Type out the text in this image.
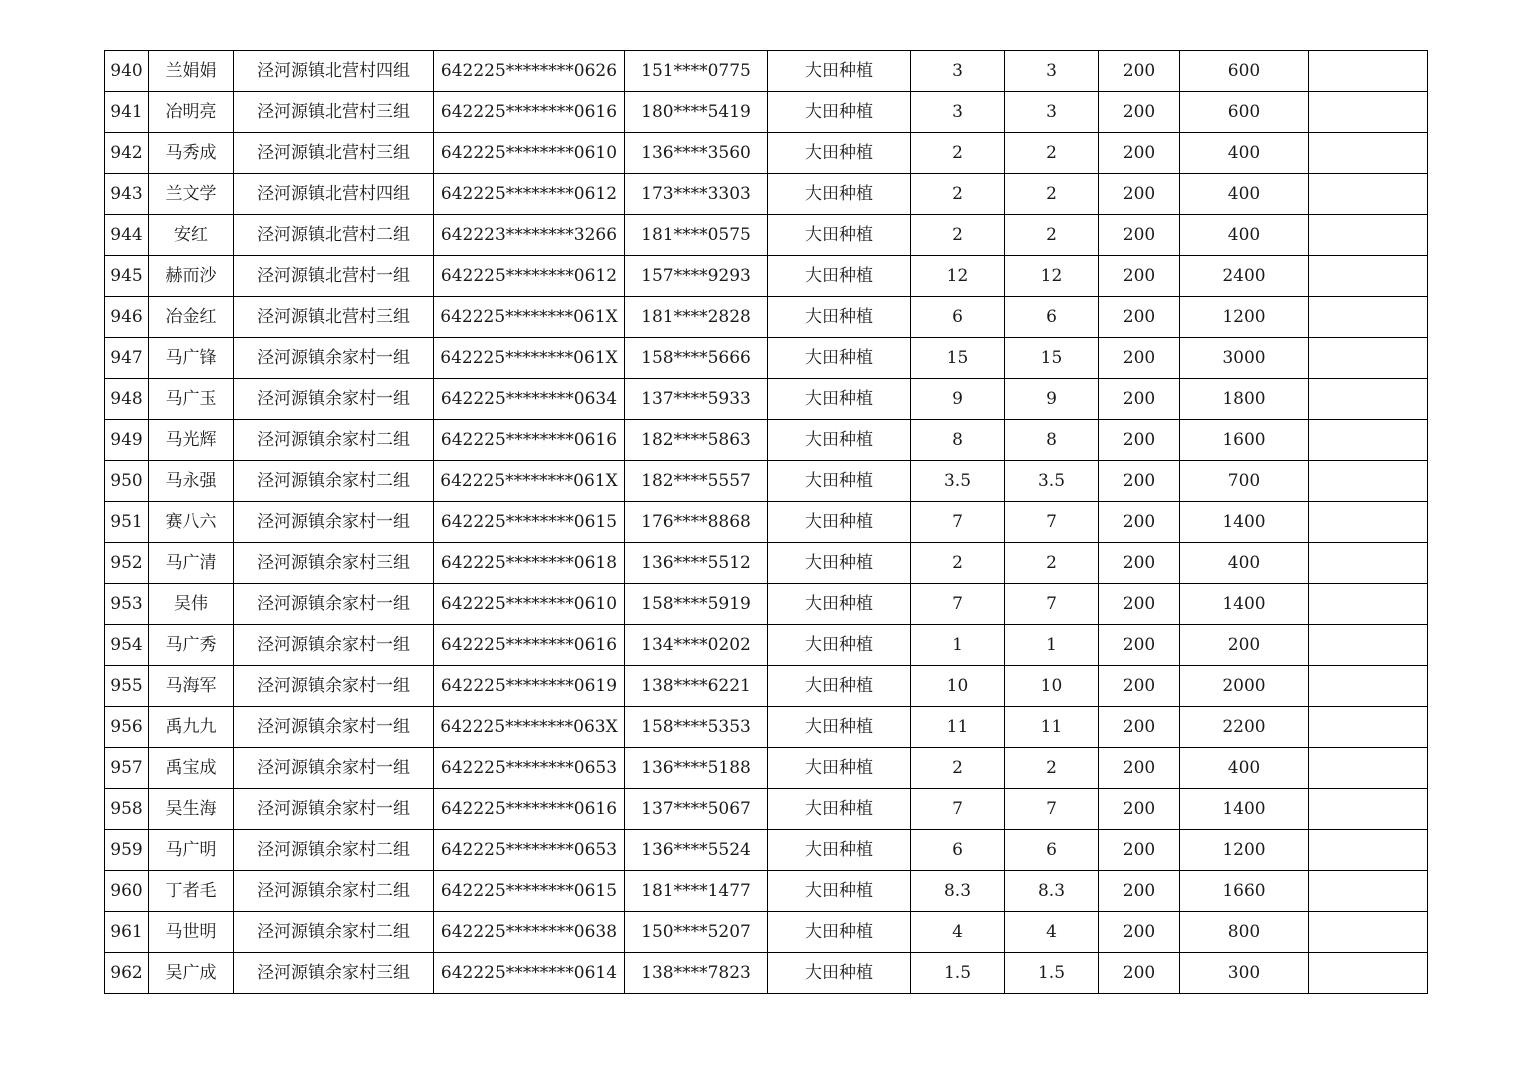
940	兰娟娟	泾河源镇北营村四组	642225********0626	151****0775	大田种植	3	3	200	600	
941	冶明亮	泾河源镇北营村三组	642225********0616	180****5419	大田种植	3	3	200	600	
942	马秀成	泾河源镇北营村三组	642225********0610	136****3560	大田种植	2	2	200	400	
943	兰文学	泾河源镇北营村四组	642225********0612	173****3303	大田种植	2	2	200	400	
944	安红	泾河源镇北营村二组	642223********3266	181****0575	大田种植	2	2	200	400	
945	赫而沙	泾河源镇北营村一组	642225********0612	157****9293	大田种植	12	12	200	2400	
946	冶金红	泾河源镇北营村三组	642225********061X	181****2828	大田种植	6	6	200	1200	
947	马广锋	泾河源镇余家村一组	642225********061X	158****5666	大田种植	15	15	200	3000	
948	马广玉	泾河源镇余家村一组	642225********0634	137****5933	大田种植	9	9	200	1800	
949	马光辉	泾河源镇余家村二组	642225********0616	182****5863	大田种植	8	8	200	1600	
950	马永强	泾河源镇余家村二组	642225********061X	182****5557	大田种植	3.5	3.5	200	700	
951	赛八六	泾河源镇余家村一组	642225********0615	176****8868	大田种植	7	7	200	1400	
952	马广清	泾河源镇余家村三组	642225********0618	136****5512	大田种植	2	2	200	400	
953	吴伟	泾河源镇余家村一组	642225********0610	158****5919	大田种植	7	7	200	1400	
954	马广秀	泾河源镇余家村一组	642225********0616	134****0202	大田种植	1	1	200	200	
955	马海军	泾河源镇余家村一组	642225********0619	138****6221	大田种植	10	10	200	2000	
956	禹九九	泾河源镇余家村一组	642225********063X	158****5353	大田种植	11	11	200	2200	
957	禹宝成	泾河源镇余家村一组	642225********0653	136****5188	大田种植	2	2	200	400	
958	吴生海	泾河源镇余家村一组	642225********0616	137****5067	大田种植	7	7	200	1400	
959	马广明	泾河源镇余家村二组	642225********0653	136****5524	大田种植	6	6	200	1200	
960	丁者毛	泾河源镇余家村二组	642225********0615	181****1477	大田种植	8.3	8.3	200	1660	
961	马世明	泾河源镇余家村二组	642225********0638	150****5207	大田种植	4	4	200	800	
962	吴广成	泾河源镇余家村三组	642225********0614	138****7823	大田种植	1.5	1.5	200	300	
